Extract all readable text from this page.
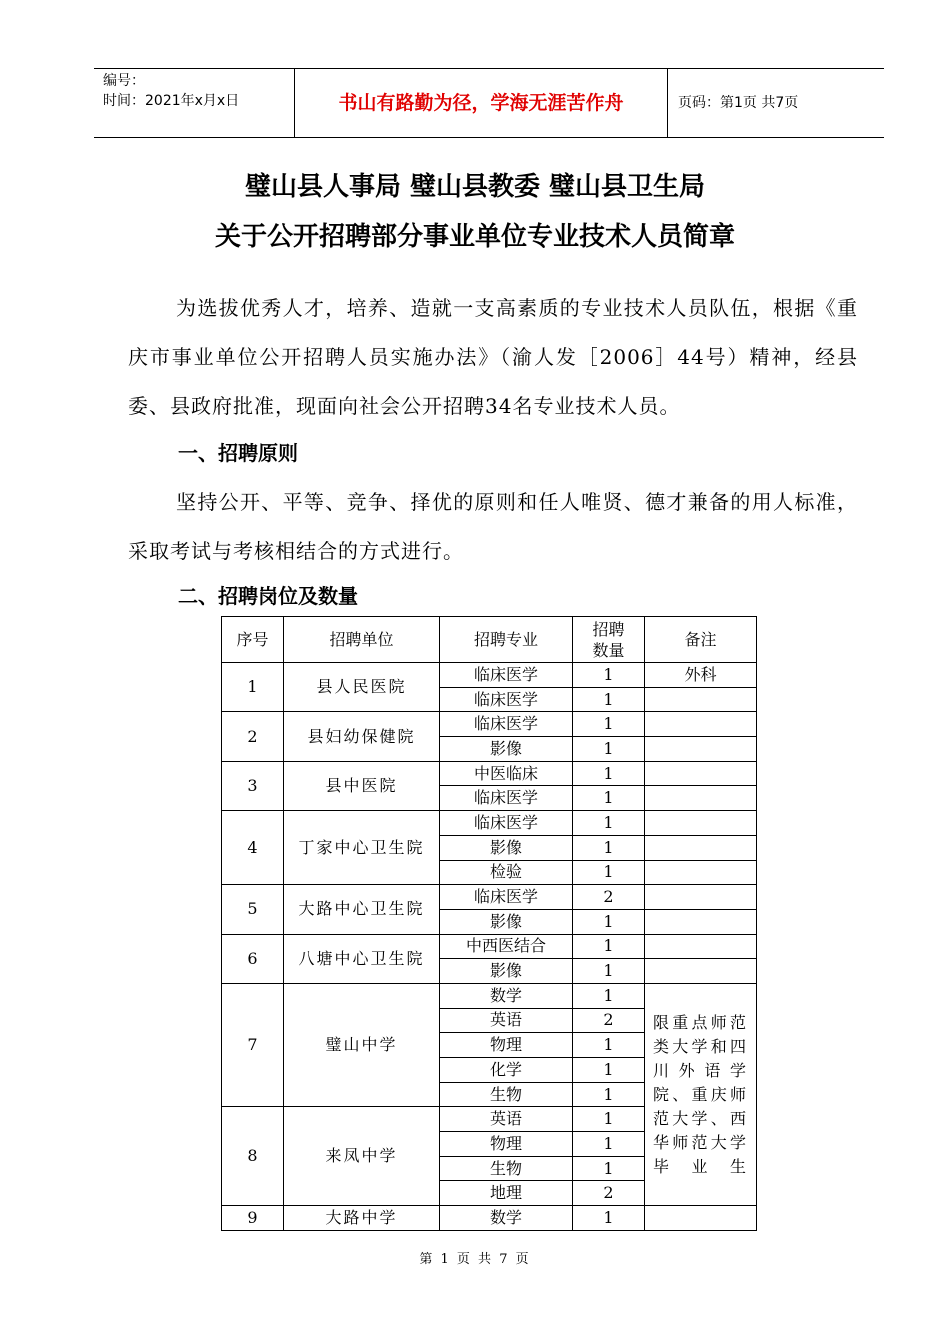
编号：
时间：2021年x月x日	书山有路勤为径，学海无涯苦作舟	页码：第1页 共7页
璧山县人事局 璧山县教委 璧山县卫生局
关于公开招聘部分事业单位专业技术人员简章
为选拔优秀人才，培养、造就一支高素质的专业技术人员队伍，根据《重庆市事业单位公开招聘人员实施办法》（渝人发［2006］44号）精神，经县委、县政府批准，现面向社会公开招聘34名专业技术人员。
一、招聘原则
坚持公开、平等、竞争、择优的原则和任人唯贤、德才兼备的用人标准，采取考试与考核相结合的方式进行。
二、招聘岗位及数量
序号	招聘单位	招聘专业	招聘数量	备注
1	县人民医院	临床医学	1	外科
		临床医学	1	
2	县妇幼保健院	临床医学	1	
		影像	1	
3	县中医院	中医临床	1	
		临床医学	1	
4	丁家中心卫生院	临床医学	1	
		影像	1	
		检验	1	
5	大路中心卫生院	临床医学	2	
		影像	1	
6	八塘中心卫生院	中西医结合	1	
		影像	1	
7	璧山中学	数学	1	限重点师范类大学和四川外语学院、重庆师范大学、西华师范大学毕业生
		英语	2	
		物理	1	
		化学	1	
		生物	1	
8	来凤中学	英语	1	
		物理	1	
		生物	1	
		地理	2	
9	大路中学	数学	1	
第 1 页 共 7 页
